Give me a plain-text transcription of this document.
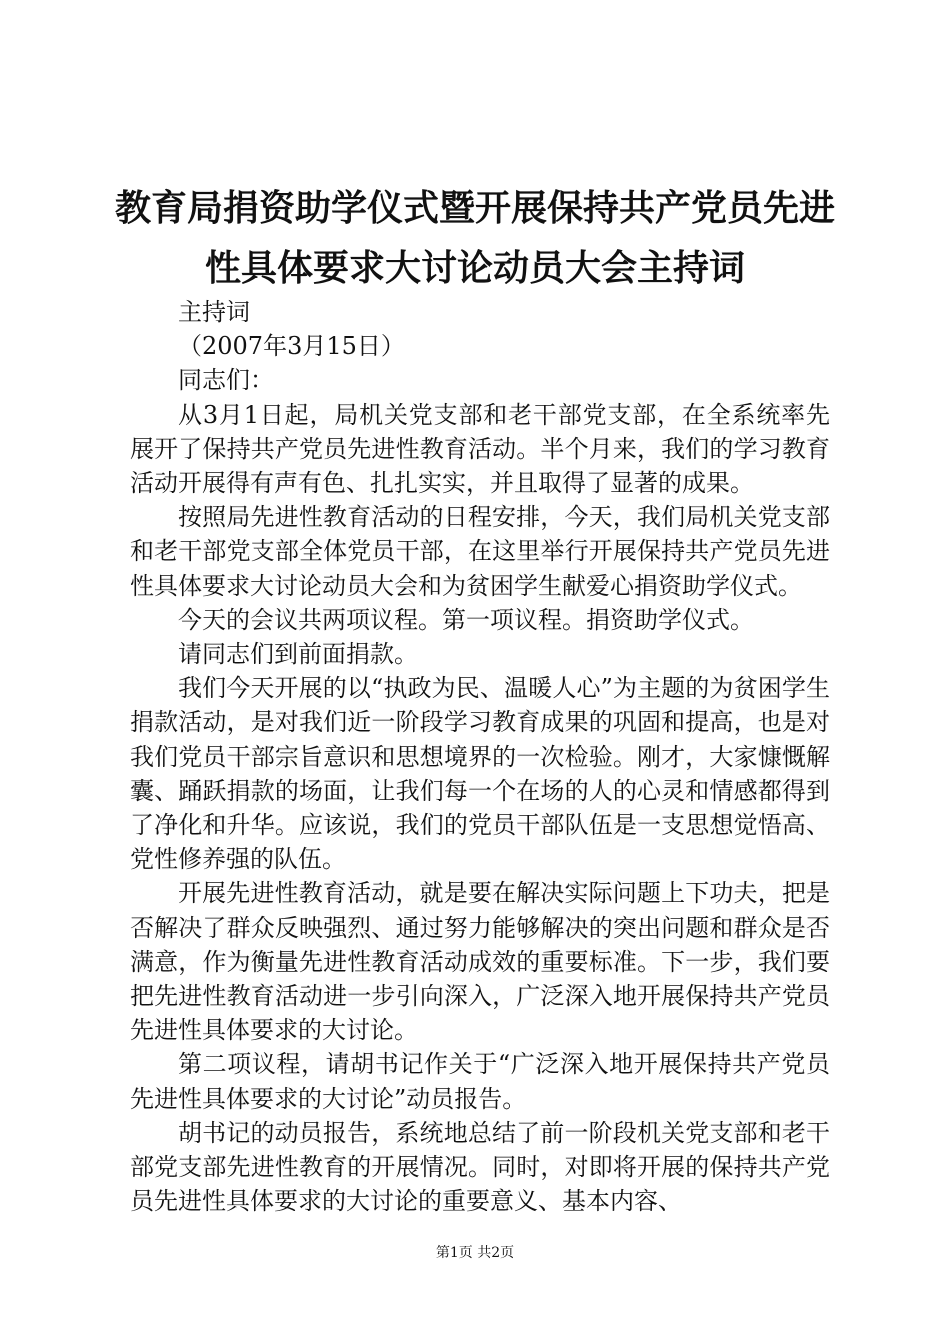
教育局捐资助学仪式暨开展保持共产党员先进
性具体要求大讨论动员大会主持词

主持词

（2007年3月15日）

同志们：

从3月1日起，局机关党支部和老干部党支部，在全系统率先展开了保持共产党员先进性教育活动。半个月来，我们的学习教育活动开展得有声有色、扎扎实实，并且取得了显著的成果。

按照局先进性教育活动的日程安排，今天，我们局机关党支部和老干部党支部全体党员干部，在这里举行开展保持共产党员先进性具体要求大讨论动员大会和为贫困学生献爱心捐资助学仪式。

今天的会议共两项议程。第一项议程。捐资助学仪式。

请同志们到前面捐款。

我们今天开展的以“执政为民、温暖人心”为主题的为贫困学生捐款活动，是对我们近一阶段学习教育成果的巩固和提高，也是对我们党员干部宗旨意识和思想境界的一次检验。刚才，大家慷慨解囊、踊跃捐款的场面，让我们每一个在场的人的心灵和情感都得到了净化和升华。应该说，我们的党员干部队伍是一支思想觉悟高、党性修养强的队伍。

开展先进性教育活动，就是要在解决实际问题上下功夫，把是否解决了群众反映强烈、通过努力能够解决的突出问题和群众是否满意，作为衡量先进性教育活动成效的重要标准。下一步，我们要把先进性教育活动进一步引向深入，广泛深入地开展保持共产党员先进性具体要求的大讨论。

第二项议程，请胡书记作关于“广泛深入地开展保持共产党员先进性具体要求的大讨论”动员报告。

胡书记的动员报告，系统地总结了前一阶段机关党支部和老干部党支部先进性教育的开展情况。同时，对即将开展的保持共产党员先进性具体要求的大讨论的重要意义、基本内容、

第1页 共2页
